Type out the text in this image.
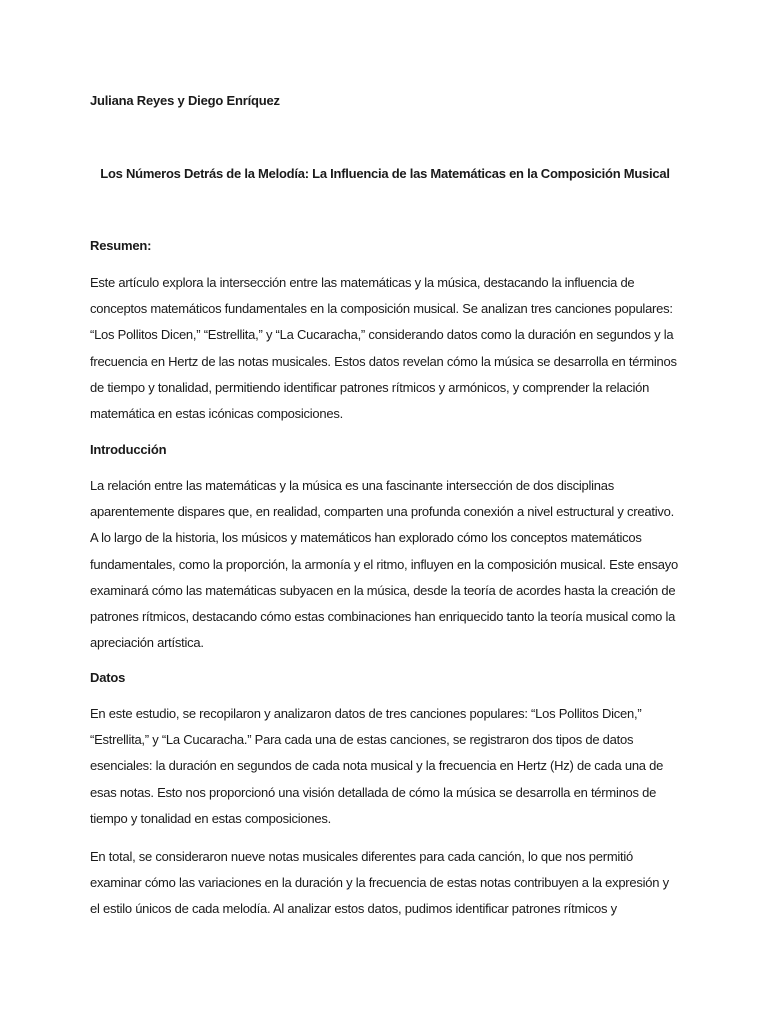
Juliana Reyes y Diego Enríquez
Los Números Detrás de la Melodía: La Influencia de las Matemáticas en la Composición Musical
Resumen:
Este artículo explora la intersección entre las matemáticas y la música, destacando la influencia de conceptos matemáticos fundamentales en la composición musical. Se analizan tres canciones populares: “Los Pollitos Dicen,” “Estrellita,” y “La Cucaracha,” considerando datos como la duración en segundos y la frecuencia en Hertz de las notas musicales. Estos datos revelan cómo la música se desarrolla en términos de tiempo y tonalidad, permitiendo identificar patrones rítmicos y armónicos, y comprender la relación matemática en estas icónicas composiciones.
Introducción
La relación entre las matemáticas y la música es una fascinante intersección de dos disciplinas aparentemente dispares que, en realidad, comparten una profunda conexión a nivel estructural y creativo. A lo largo de la historia, los músicos y matemáticos han explorado cómo los conceptos matemáticos fundamentales, como la proporción, la armonía y el ritmo, influyen en la composición musical. Este ensayo examinará cómo las matemáticas subyacen en la música, desde la teoría de acordes hasta la creación de patrones rítmicos, destacando cómo estas combinaciones han enriquecido tanto la teoría musical como la apreciación artística.
Datos
En este estudio, se recopilaron y analizaron datos de tres canciones populares: “Los Pollitos Dicen,” “Estrellita,” y “La Cucaracha.” Para cada una de estas canciones, se registraron dos tipos de datos esenciales: la duración en segundos de cada nota musical y la frecuencia en Hertz (Hz) de cada una de esas notas. Esto nos proporcionó una visión detallada de cómo la música se desarrolla en términos de tiempo y tonalidad en estas composiciones.
En total, se consideraron nueve notas musicales diferentes para cada canción, lo que nos permitió examinar cómo las variaciones en la duración y la frecuencia de estas notas contribuyen a la expresión y el estilo únicos de cada melodía. Al analizar estos datos, pudimos identificar patrones rítmicos y
